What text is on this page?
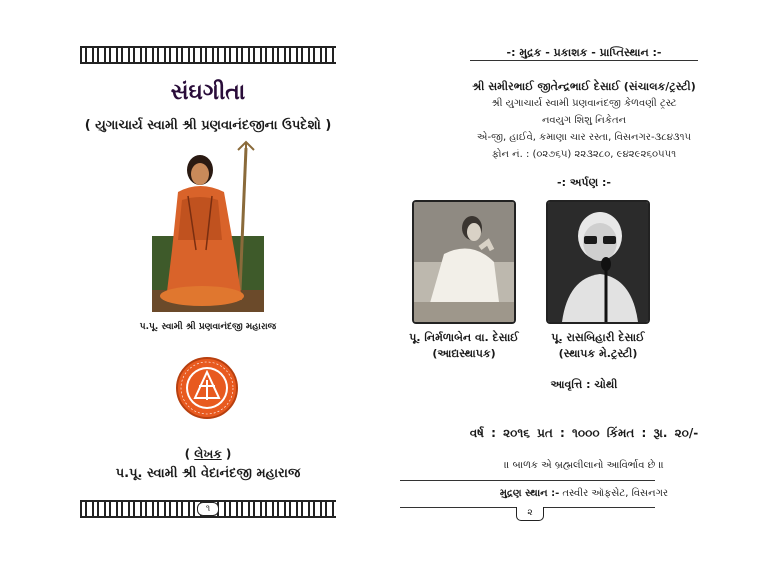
સંઘગીતા
( યુગાચાર્ય સ્વામી શ્રી પ્રણવાનંદજીના ઉપદેશો )
પ.પૂ. સ્વામી શ્રી પ્રણવાનંદજી મહારાજ
( લેખક )
પ.પૂ. સ્વામી શ્રી વેદાનંદજી મહારાજ
૧
-: મુદ્રક - પ્રકાશક - પ્રાપ્તિસ્થાન :-
શ્રી સમીરભાઈ જીતેન્દ્રભાઈ દેસાઈ (સંચાલક/ટ્રસ્ટી)
શ્રી યુગાચાર્ય સ્વામી પ્રણવાનંદજી કેળવણી ટ્રસ્ટ
નવયુગ શિશુ નિકેતન
એ-જી, હાઈવે, કમાણા ચાર રસ્તા, વિસનગર-૩૮૪૩૧૫
ફોન નં. : (૦૨૭૬૫) ૨૨૩૨૮૦, ૯૪૨૯૨૬૦૫૫૧
-: અર્પણ :-
પૂ. નિર્મળાબેન વા. દેસાઈ
(આદ્યસ્થાપક)
પૂ. રાસબિહારી દેસાઈ
(સ્થાપક મે.ટ્રસ્ટી)
આવૃત્તિ : ચોથી
વર્ષ : ૨૦૧૬ પ્રત : ૧૦૦૦ કિંમત : રૂા. ૨૦/-
॥ બાળક એ બ્રહ્મલીલાનો આવિર્ભાવ છે ॥
મુદ્રણ સ્થાન :- તસ્વીર ઑફસેટ, વિસનગર
૨
